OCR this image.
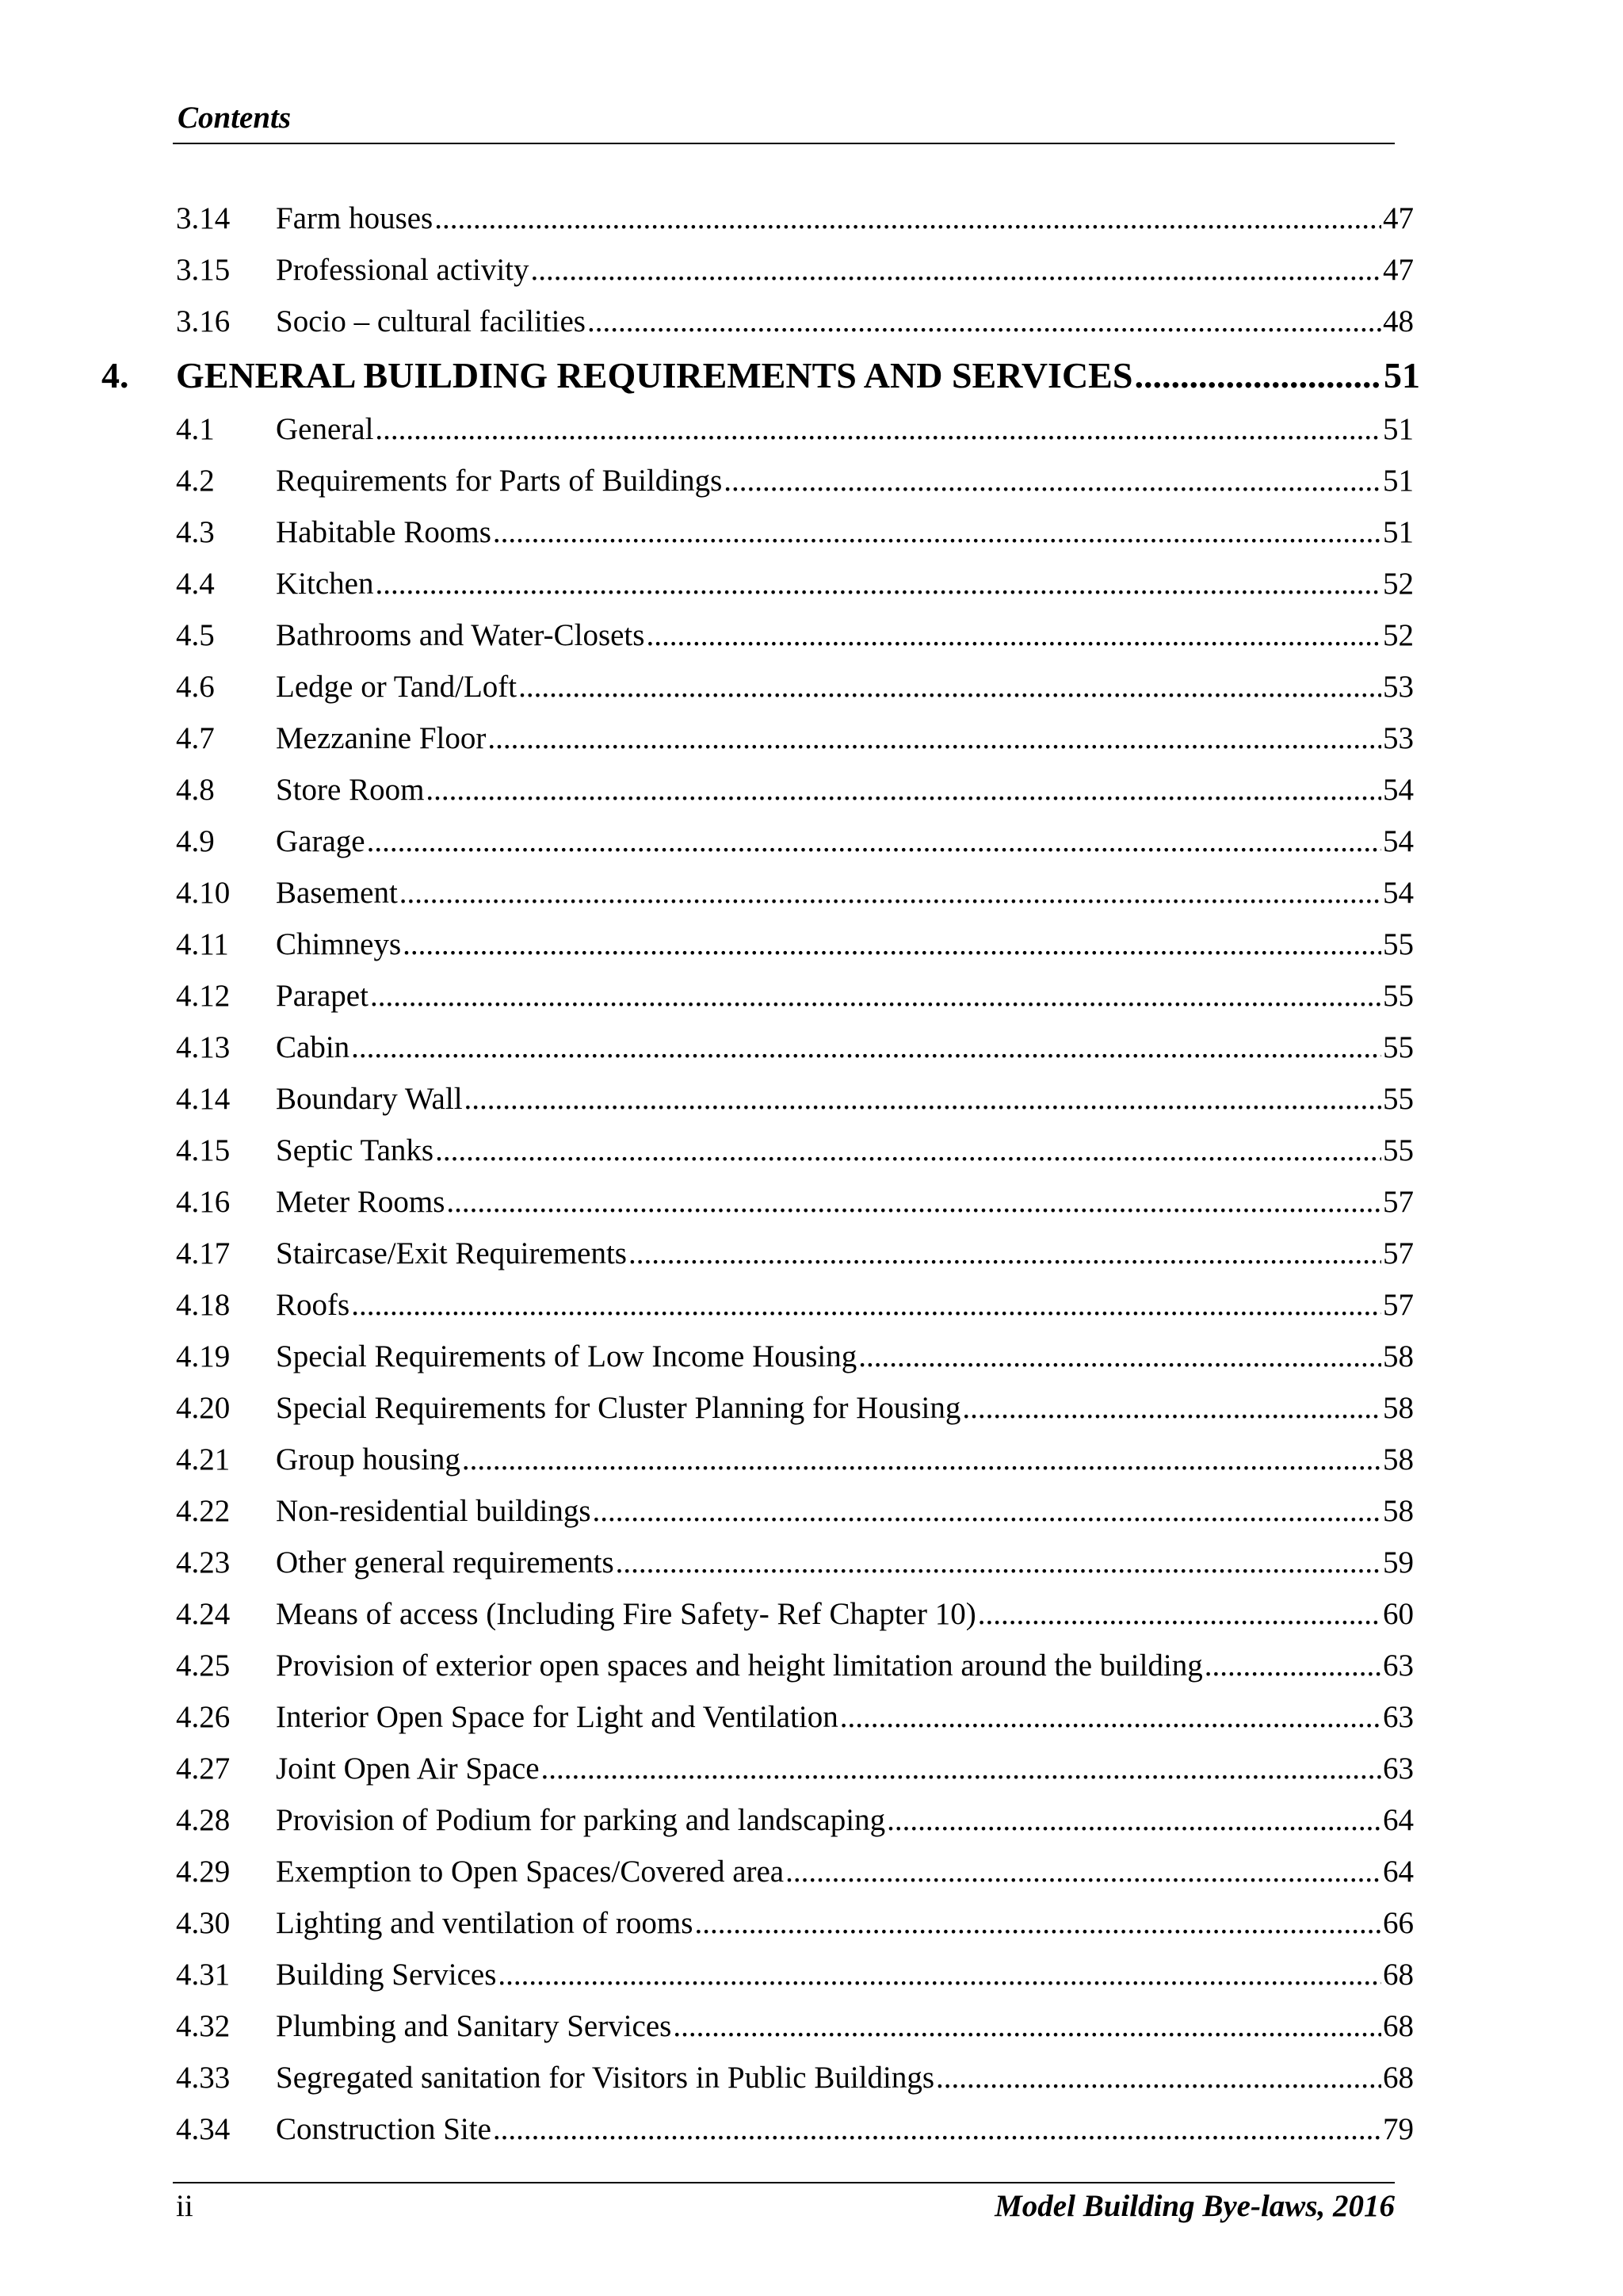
Contents
3.14 Farm houses .....	47
3.15 Professional activity .....	47
3.16 Socio – cultural facilities .....	48
4. GENERAL BUILDING REQUIREMENTS AND SERVICES .....	51
4.1 General .....	51
4.2 Requirements for Parts of Buildings .....	51
4.3 Habitable Rooms .....	51
4.4 Kitchen .....	52
4.5 Bathrooms and Water-Closets .....	52
4.6 Ledge or Tand/Loft .....	53
4.7 Mezzanine Floor .....	53
4.8 Store Room .....	54
4.9 Garage .....	54
4.10 Basement .....	54
4.11 Chimneys .....	55
4.12 Parapet .....	55
4.13 Cabin .....	55
4.14 Boundary Wall .....	55
4.15 Septic Tanks .....	55
4.16 Meter Rooms .....	57
4.17 Staircase/Exit Requirements .....	57
4.18 Roofs .....	57
4.19 Special Requirements of Low Income Housing .....	58
4.20 Special Requirements for Cluster Planning for Housing .....	58
4.21 Group housing .....	58
4.22 Non-residential buildings .....	58
4.23 Other general requirements .....	59
4.24 Means of access (Including Fire Safety- Ref Chapter 10) .....	60
4.25 Provision of exterior open spaces and height limitation around the building .....	63
4.26 Interior Open Space for Light and Ventilation .....	63
4.27 Joint Open Air Space .....	63
4.28 Provision of Podium for parking and landscaping .....	64
4.29 Exemption to Open Spaces/Covered area .....	64
4.30 Lighting and ventilation of rooms .....	66
4.31 Building Services .....	68
4.32 Plumbing and Sanitary Services .....	68
4.33 Segregated sanitation for Visitors in Public Buildings .....	68
4.34 Construction Site .....	79
ii	Model Building Bye-laws, 2016
